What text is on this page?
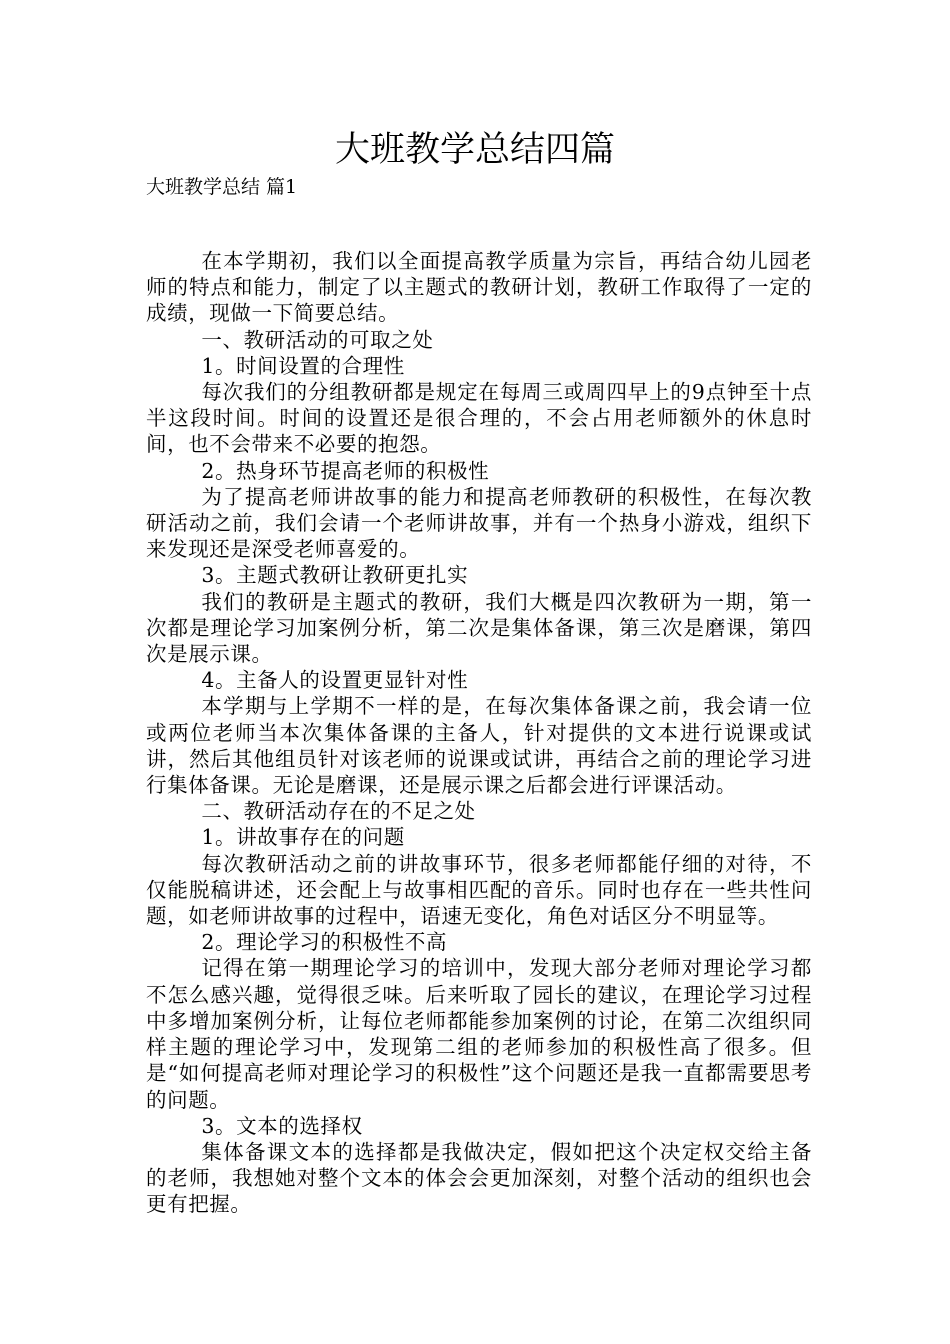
大班教学总结四篇
大班教学总结 篇1

在本学期初，我们以全面提高教学质量为宗旨，再结合幼儿园老师的特点和能力，制定了以主题式的教研计划，教研工作取得了一定的成绩，现做一下简要总结。

一、教研活动的可取之处

1。时间设置的合理性

每次我们的分组教研都是规定在每周三或周四早上的9点钟至十点半这段时间。时间的设置还是很合理的，不会占用老师额外的休息时间，也不会带来不必要的抱怨。

2。热身环节提高老师的积极性

为了提高老师讲故事的能力和提高老师教研的积极性，在每次教研活动之前，我们会请一个老师讲故事，并有一个热身小游戏，组织下来发现还是深受老师喜爱的。

3。主题式教研让教研更扎实

我们的教研是主题式的教研，我们大概是四次教研为一期，第一次都是理论学习加案例分析，第二次是集体备课，第三次是磨课，第四次是展示课。

4。主备人的设置更显针对性

本学期与上学期不一样的是，在每次集体备课之前，我会请一位或两位老师当本次集体备课的主备人，针对提供的文本进行说课或试讲，然后其他组员针对该老师的说课或试讲，再结合之前的理论学习进行集体备课。无论是磨课，还是展示课之后都会进行评课活动。

二、教研活动存在的不足之处

1。讲故事存在的问题

每次教研活动之前的讲故事环节，很多老师都能仔细的对待，不仅能脱稿讲述，还会配上与故事相匹配的音乐。同时也存在一些共性问题，如老师讲故事的过程中，语速无变化，角色对话区分不明显等。

2。理论学习的积极性不高

记得在第一期理论学习的培训中，发现大部分老师对理论学习都不怎么感兴趣，觉得很乏味。后来听取了园长的建议，在理论学习过程中多增加案例分析，让每位老师都能参加案例的讨论，在第二次组织同样主题的理论学习中，发现第二组的老师参加的积极性高了很多。但是“如何提高老师对理论学习的积极性”这个问题还是我一直都需要思考的问题。

3。文本的选择权

集体备课文本的选择都是我做决定，假如把这个决定权交给主备的老师，我想她对整个文本的体会会更加深刻，对整个活动的组织也会更有把握。
